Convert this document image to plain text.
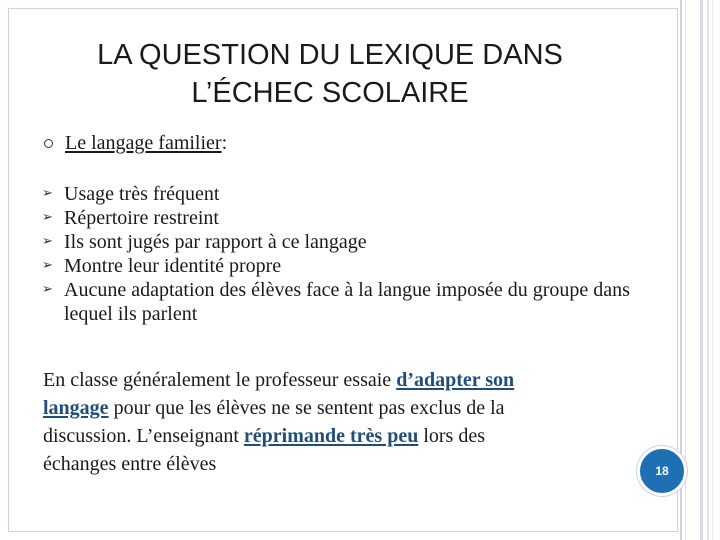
LA QUESTION DU LEXIQUE DANS
L’ÉCHEC SCOLAIRE
Le langage familier :
➢ Usage très fréquent
➢ Répertoire restreint
➢ Ils sont jugés par rapport à ce langage
➢ Montre leur identité propre
➢ Aucune adaptation des élèves face à la langue imposée du groupe dans lequel ils parlent
En classe généralement le professeur essaie d’adapter son langage pour que les élèves ne se sentent pas exclus de la discussion. L’enseignant réprimande très peu lors des échanges entre élèves	18
